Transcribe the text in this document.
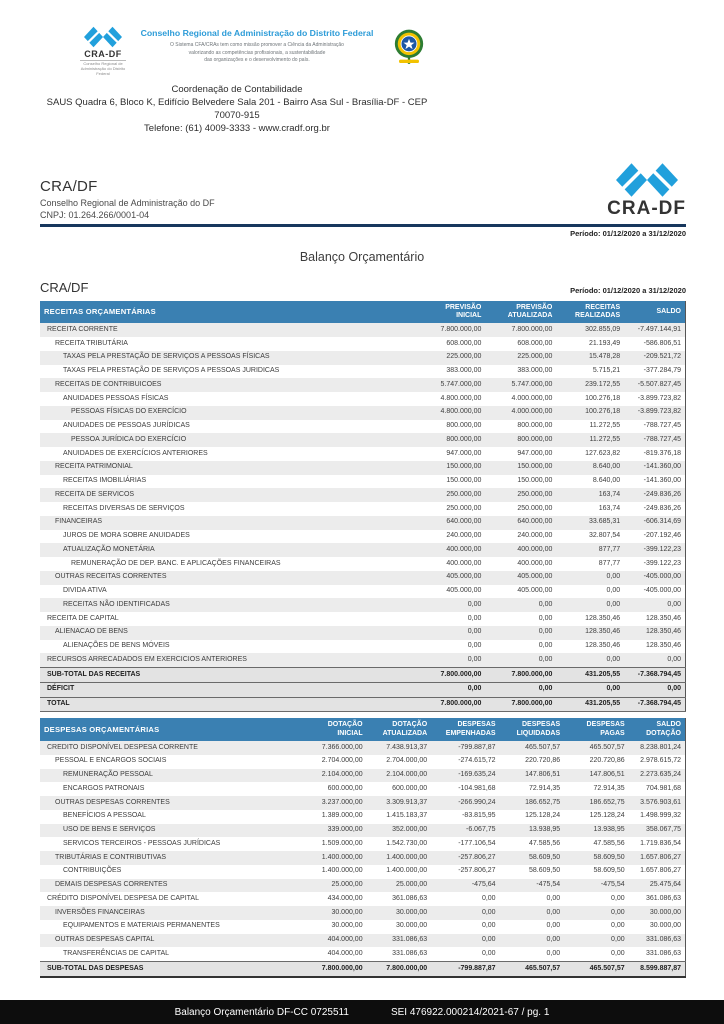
CRA-DF
Conselho Regional de Administração do Distrito Federal
Conselho Regional de Administração do Distrito Federal
O Sistema CFA/CRAs tem como missão promover a Ciência da Administração
valorizando as competências profissionais, a sustentabilidade
das organizações e o desenvolvimento do país.
Coordenação de Contabilidade
SAUS Quadra 6, Bloco K, Edifício Belvedere Sala 201 - Bairro Asa Sul - Brasília-DF - CEP
70070-915
Telefone: (61) 4009-3333 - www.cradf.org.br
CRA/DF
Conselho Regional de Administração do DF
CNPJ: 01.264.266/0001-04	CRA-DF
Período: 01/12/2020 a 31/12/2020
Balanço Orçamentário
CRA/DF	Período: 01/12/2020 a 31/12/2020
RECEITAS ORÇAMENTÁRIAS	PREVISÃO
INICIAL	PREVISÃO
ATUALIZADA	RECEITAS
REALIZADAS	SALDO
RECEITA CORRENTE	7.800.000,00	7.800.000,00	302.855,09	-7.497.144,91
RECEITA TRIBUTÁRIA	608.000,00	608.000,00	21.193,49	-586.806,51
TAXAS PELA PRESTAÇÃO DE SERVIÇOS A PESSOAS FÍSICAS	225.000,00	225.000,00	15.478,28	-209.521,72
TAXAS PELA PRESTAÇÃO DE SERVIÇOS A PESSOAS JURIDICAS	383.000,00	383.000,00	5.715,21	-377.284,79
RECEITAS DE CONTRIBUICOES	5.747.000,00	5.747.000,00	239.172,55	-5.507.827,45
ANUIDADES PESSOAS FÍSICAS	4.800.000,00	4.000.000,00	100.276,18	-3.899.723,82
PESSOAS FÍSICAS DO EXERCÍCIO	4.800.000,00	4.000.000,00	100.276,18	-3.899.723,82
ANUIDADES DE PESSOAS JURÍDICAS	800.000,00	800.000,00	11.272,55	-788.727,45
PESSOA JURÍDICA DO EXERCÍCIO	800.000,00	800.000,00	11.272,55	-788.727,45
ANUIDADES DE EXERCÍCIOS ANTERIORES	947.000,00	947.000,00	127.623,82	-819.376,18
RECEITA PATRIMONIAL	150.000,00	150.000,00	8.640,00	-141.360,00
RECEITAS IMOBILIÁRIAS	150.000,00	150.000,00	8.640,00	-141.360,00
RECEITA DE SERVICOS	250.000,00	250.000,00	163,74	-249.836,26
RECEITAS DIVERSAS DE SERVIÇOS	250.000,00	250.000,00	163,74	-249.836,26
FINANCEIRAS	640.000,00	640.000,00	33.685,31	-606.314,69
JUROS DE MORA SOBRE ANUIDADES	240.000,00	240.000,00	32.807,54	-207.192,46
ATUALIZAÇÃO MONETÁRIA	400.000,00	400.000,00	877,77	-399.122,23
REMUNERAÇÃO DE DEP. BANC. E APLICAÇÕES FINANCEIRAS	400.000,00	400.000,00	877,77	-399.122,23
OUTRAS RECEITAS CORRENTES	405.000,00	405.000,00	0,00	-405.000,00
DIVIDA ATIVA	405.000,00	405.000,00	0,00	-405.000,00
RECEITAS NÃO IDENTIFICADAS	0,00	0,00	0,00	0,00
RECEITA DE CAPITAL	0,00	0,00	128.350,46	128.350,46
ALIENACAO DE BENS	0,00	0,00	128.350,46	128.350,46
ALIENAÇÕES DE BENS MÓVEIS	0,00	0,00	128.350,46	128.350,46
RECURSOS ARRECADADOS EM EXERCICIOS ANTERIORES	0,00	0,00	0,00	0,00
SUB-TOTAL DAS RECEITAS	7.800.000,00	7.800.000,00	431.205,55	-7.368.794,45
DÉFICIT	0,00	0,00	0,00	0,00
TOTAL	7.800.000,00	7.800.000,00	431.205,55	-7.368.794,45
DESPESAS ORÇAMENTÁRIAS	DOTAÇÃO
INICIAL	DOTAÇÃO
ATUALIZADA	DESPESAS
EMPENHADAS	DESPESAS
LIQUIDADAS	DESPESAS
PAGAS	SALDO
DOTAÇÃO
CREDITO DISPONÍVEL DESPESA CORRENTE	7.366.000,00	7.438.913,37	-799.887,87	465.507,57	465.507,57	8.238.801,24
PESSOAL E ENCARGOS SOCIAIS	2.704.000,00	2.704.000,00	-274.615,72	220.720,86	220.720,86	2.978.615,72
REMUNERAÇÃO PESSOAL	2.104.000,00	2.104.000,00	-169.635,24	147.806,51	147.806,51	2.273.635,24
ENCARGOS PATRONAIS	600.000,00	600.000,00	-104.981,68	72.914,35	72.914,35	704.981,68
OUTRAS DESPESAS CORRENTES	3.237.000,00	3.309.913,37	-266.990,24	186.652,75	186.652,75	3.576.903,61
BENEFÍCIOS A PESSOAL	1.389.000,00	1.415.183,37	-83.815,95	125.128,24	125.128,24	1.498.999,32
USO DE BENS E SERVIÇOS	339.000,00	352.000,00	-6.067,75	13.938,95	13.938,95	358.067,75
SERVICOS TERCEIROS - PESSOAS JURÍDICAS	1.509.000,00	1.542.730,00	-177.106,54	47.585,56	47.585,56	1.719.836,54
TRIBUTÁRIAS E CONTRIBUTIVAS	1.400.000,00	1.400.000,00	-257.806,27	58.609,50	58.609,50	1.657.806,27
CONTRIBUIÇÕES	1.400.000,00	1.400.000,00	-257.806,27	58.609,50	58.609,50	1.657.806,27
DEMAIS DESPESAS CORRENTES	25.000,00	25.000,00	-475,64	-475,54	-475,54	25.475,64
CRÉDITO DISPONÍVEL DESPESA DE CAPITAL	434.000,00	361.086,63	0,00	0,00	0,00	361.086,63
INVERSÕES FINANCEIRAS	30.000,00	30.000,00	0,00	0,00	0,00	30.000,00
EQUIPAMENTOS E MATERIAIS PERMANENTES	30.000,00	30.000,00	0,00	0,00	0,00	30.000,00
OUTRAS DESPESAS CAPITAL	404.000,00	331.086,63	0,00	0,00	0,00	331.086,63
TRANSFERÊNCIAS DE CAPITAL	404.000,00	331.086,63	0,00	0,00	0,00	331.086,63
SUB-TOTAL DAS DESPESAS	7.800.000,00	7.800.000,00	-799.887,87	465.507,57	465.507,57	8.599.887,87
Balanço Orçamentário DF-CC 0725511	SEI 476922.000214/2021-67 / pg. 1
